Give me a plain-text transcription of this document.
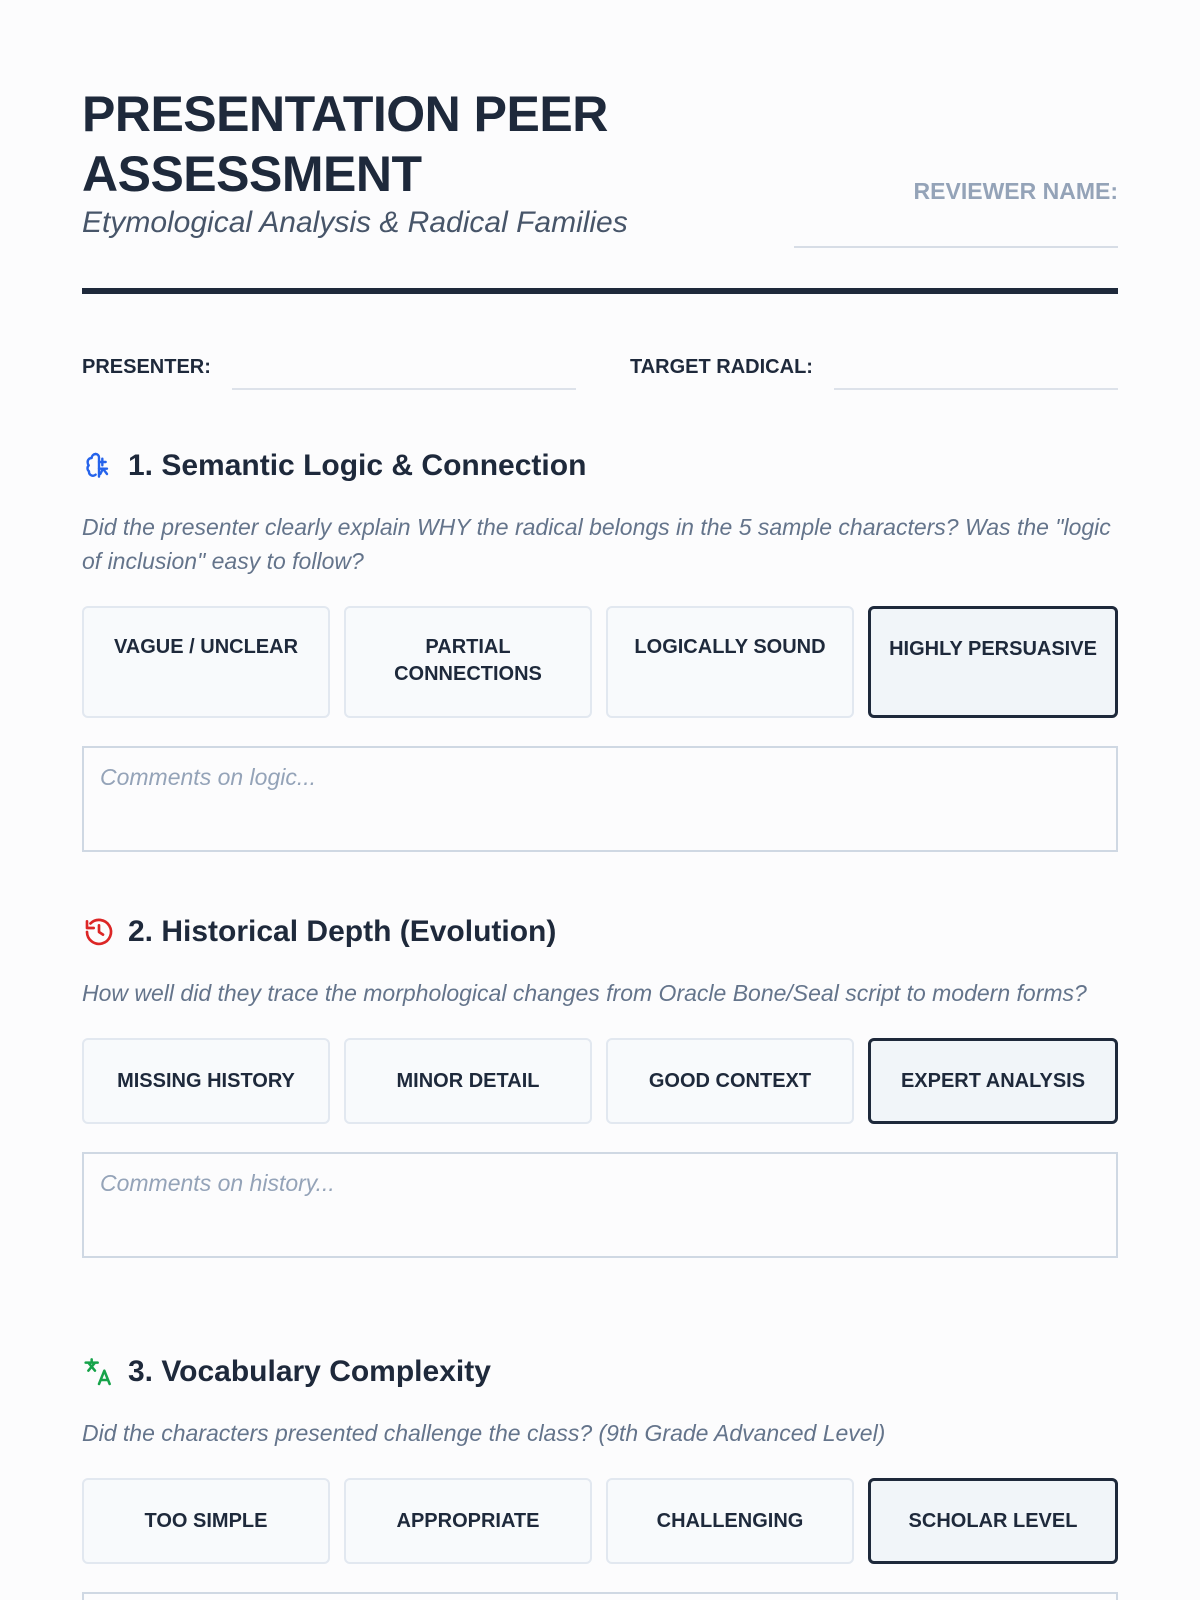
PRESENTATION PEER ASSESSMENT
Etymological Analysis & Radical Families
REVIEWER NAME:
PRESENTER:	TARGET RADICAL:
1. Semantic Logic & Connection
Did the presenter clearly explain WHY the radical belongs in the 5 sample characters? Was the "logic of inclusion" easy to follow?
VAGUE / UNCLEAR	PARTIAL CONNECTIONS
LOGICALLY SOUND	HIGHLY PERSUASIVE
Comments on logic...
2. Historical Depth (Evolution)
How well did they trace the morphological changes from Oracle Bone/Seal script to modern forms?
MISSING HISTORY	MINOR DETAIL	GOOD CONTEXT	EXPERT ANALYSIS
Comments on history...
3. Vocabulary Complexity
Did the characters presented challenge the class? (9th Grade Advanced Level)
TOO SIMPLE	APPROPRIATE	CHALLENGING	SCHOLAR LEVEL
